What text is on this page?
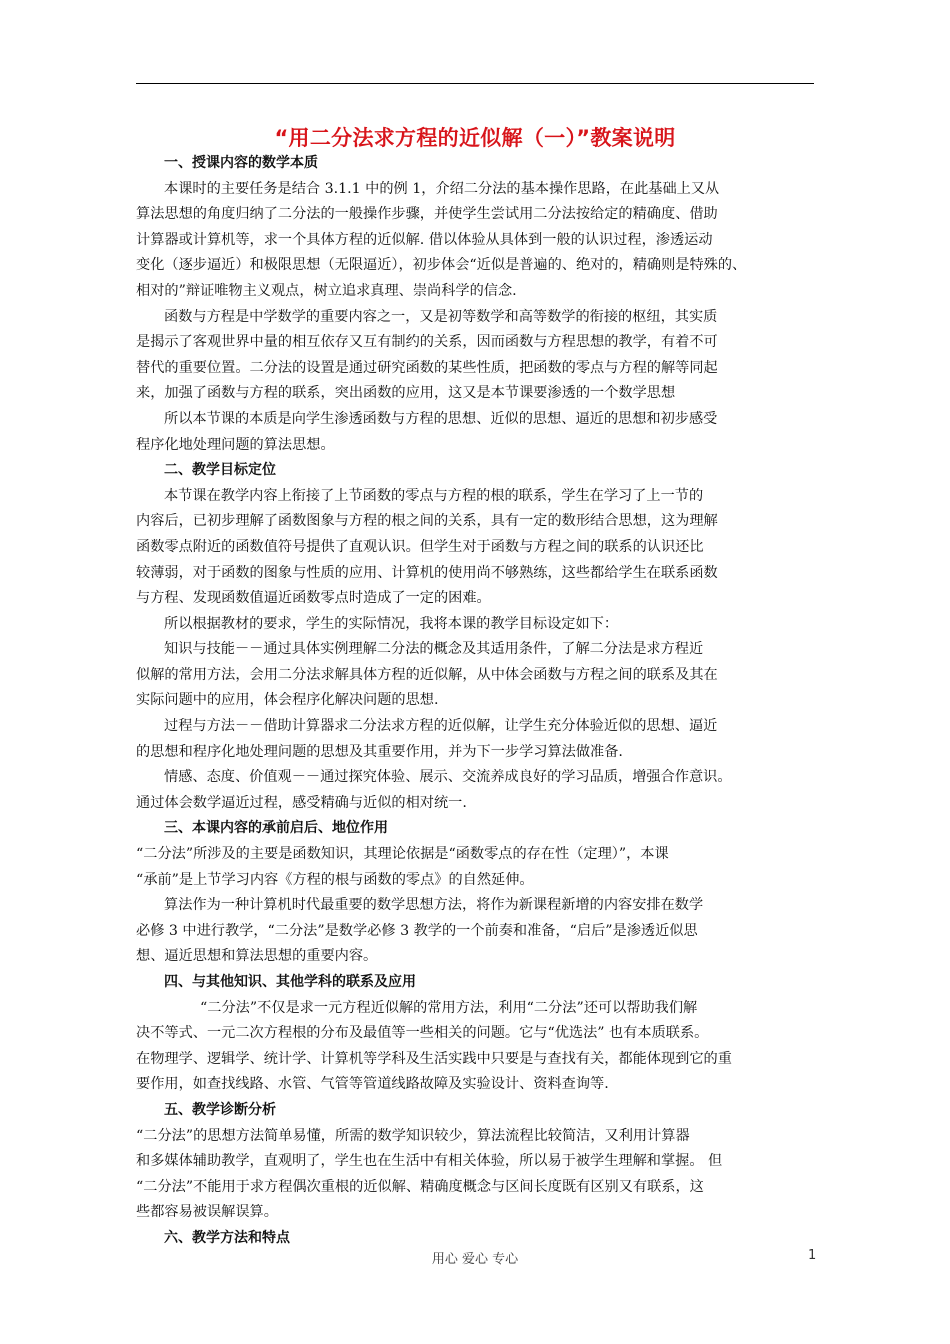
“用二分法求方程的近似解（一）”教案说明

一、授课内容的数学本质

本课时的主要任务是结合 3.1.1 中的例 1，介绍二分法的基本操作思路，在此基础上又从

算法思想的角度归纳了二分法的一般操作步骤，并使学生尝试用二分法按给定的精确度、借助

计算器或计算机等，求一个具体方程的近似解. 借以体验从具体到一般的认识过程，渗透运动

变化（逐步逼近）和极限思想（无限逼近），初步体会“近似是普遍的、绝对的，精确则是特殊的、

相对的”辩证唯物主义观点，树立追求真理、崇尚科学的信念.

函数与方程是中学数学的重要内容之一，又是初等数学和高等数学的衔接的枢纽，其实质

是揭示了客观世界中量的相互依存又互有制约的关系，因而函数与方程思想的教学，有着不可

替代的重要位置。二分法的设置是通过研究函数的某些性质，把函数的零点与方程的解等同起

来，加强了函数与方程的联系，突出函数的应用，这又是本节课要渗透的一个数学思想

所以本节课的本质是向学生渗透函数与方程的思想、近似的思想、逼近的思想和初步感受

程序化地处理问题的算法思想。

二、教学目标定位

本节课在教学内容上衔接了上节函数的零点与方程的根的联系，学生在学习了上一节的

内容后，已初步理解了函数图象与方程的根之间的关系，具有一定的数形结合思想，这为理解

函数零点附近的函数值符号提供了直观认识。但学生对于函数与方程之间的联系的认识还比

较薄弱，对于函数的图象与性质的应用、计算机的使用尚不够熟练，这些都给学生在联系函数

与方程、发现函数值逼近函数零点时造成了一定的困难。

所以根据教材的要求，学生的实际情况，我将本课的教学目标设定如下：

知识与技能－－通过具体实例理解二分法的概念及其适用条件，了解二分法是求方程近

似解的常用方法，会用二分法求解具体方程的近似解，从中体会函数与方程之间的联系及其在

实际问题中的应用，体会程序化解决问题的思想.

过程与方法－－借助计算器求二分法求方程的近似解，让学生充分体验近似的思想、逼近

的思想和程序化地处理问题的思想及其重要作用，并为下一步学习算法做准备.

情感、态度、价值观－－通过探究体验、展示、交流养成良好的学习品质，增强合作意识。

通过体会数学逼近过程，感受精确与近似的相对统一.

三、本课内容的承前启后、地位作用

“二分法”所涉及的主要是函数知识，其理论依据是“函数零点的存在性（定理）”，本课

“承前”是上节学习内容《方程的根与函数的零点》的自然延伸。

算法作为一种计算机时代最重要的数学思想方法，将作为新课程新增的内容安排在数学

必修 3 中进行教学，“二分法”是数学必修 3 教学的一个前奏和准备，“启后”是渗透近似思

想、逼近思想和算法思想的重要内容。

四、与其他知识、其他学科的联系及应用

“二分法”不仅是求一元方程近似解的常用方法，利用“二分法”还可以帮助我们解

决不等式、一元二次方程根的分布及最值等一些相关的问题。它与“优选法” 也有本质联系。

在物理学、逻辑学、统计学、计算机等学科及生活实践中只要是与查找有关，都能体现到它的重

要作用，如查找线路、水管、气管等管道线路故障及实验设计、资料查询等.

五、教学诊断分析

“二分法”的思想方法简单易懂，所需的数学知识较少，算法流程比较简洁，又利用计算器

和多媒体辅助教学，直观明了，学生也在生活中有相关体验，所以易于被学生理解和掌握。 但

“二分法”不能用于求方程偶次重根的近似解、精确度概念与区间长度既有区别又有联系，这

些都容易被误解误算。

六、教学方法和特点

用心 爱心 专心	1
